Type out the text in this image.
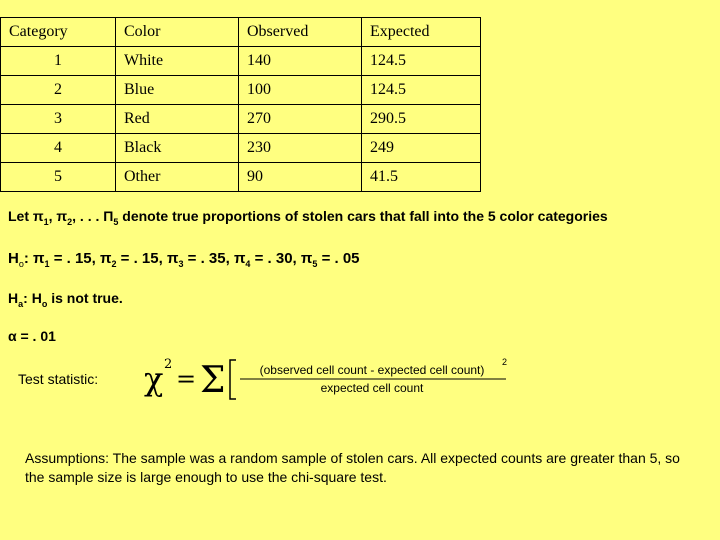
Category	Color	Observed	Expected
1	White	140	124.5
2	Blue	100	124.5
3	Red	270	290.5
4	Black	230	249
5	Other	90	41.5
Let $\pi_1$, $\pi_2$, . . . $\Pi_5$ denote true proportions of stolen cars that fall into the 5 color categories
$H_o$: $\pi_1$ = . 15, $\pi_2$ = . 15, $\pi_3$ = . 35, $\pi_4$ = . 30, $\pi_5$ = . 05
$H_a$: $H_o$ is not true.
α = . 01
Test statistic: χ 2
= Σ	(observed cell count - expected cell count)
2
expected cell count
Assumptions: The sample was a random sample of stolen cars. All expected counts are greater than 5, so the sample size is large enough to use the chi-square test.
